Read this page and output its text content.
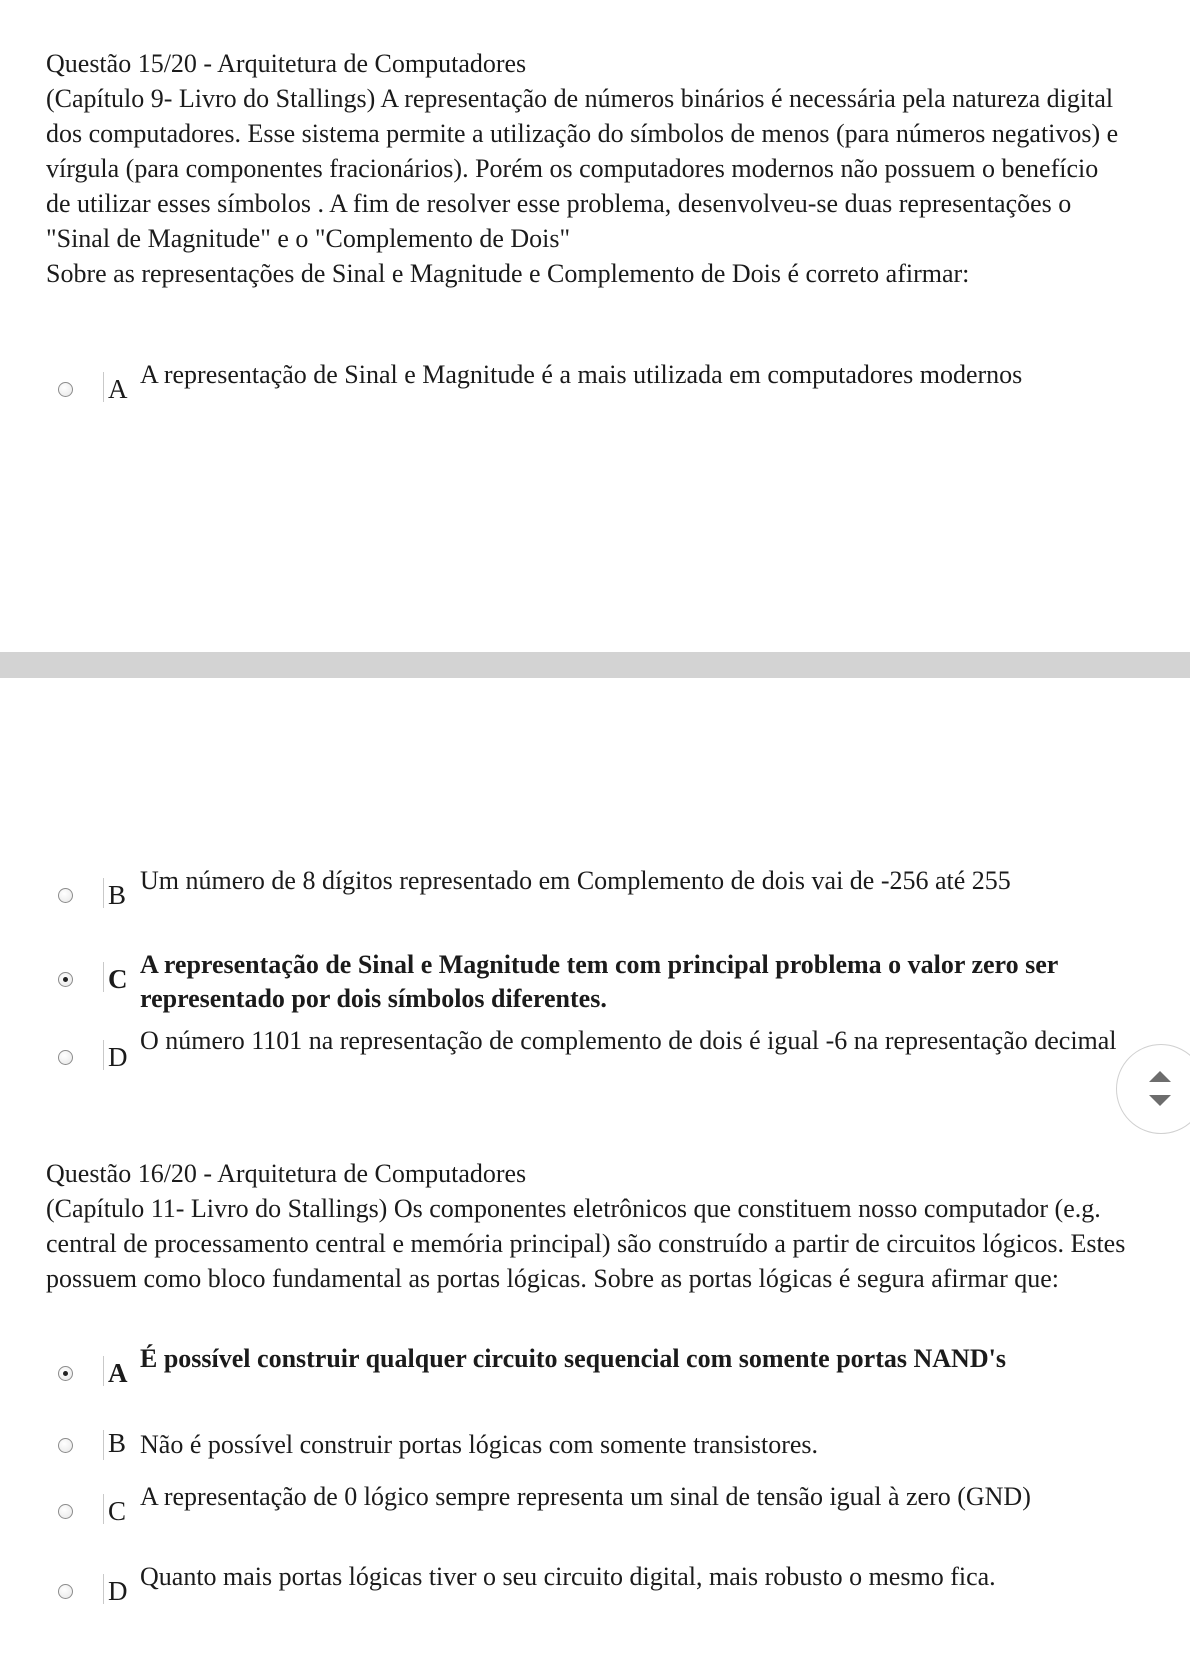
Questão 15/20 - Arquitetura de Computadores
(Capítulo 9- Livro do Stallings) A representação de números binários é necessária pela natureza digital dos computadores. Esse sistema permite a utilização do símbolos de menos (para números negativos) e vírgula (para componentes fracionários). Porém os computadores modernos não possuem o benefício de utilizar esses símbolos . A fim de resolver esse problema, desenvolveu-se duas representações o "Sinal de Magnitude" e o "Complemento de Dois"
Sobre as representações de Sinal e Magnitude e Complemento de Dois é correto afirmar:
A A representação de Sinal e Magnitude é a mais utilizada em computadores modernos
B Um número de 8 dígitos representado em Complemento de dois vai de -256 até 255
C A representação de Sinal e Magnitude tem com principal problema o valor zero ser representado por dois símbolos diferentes.
D
O número 1101 na representação de complemento de dois é igual -6 na representação decimal
Questão 16/20 - Arquitetura de Computadores
(Capítulo 11- Livro do Stallings) Os componentes eletrônicos que constituem nosso computador (e.g. central de processamento central e memória principal) são construído a partir de circuitos lógicos. Estes possuem como bloco fundamental as portas lógicas. Sobre as portas lógicas é segura afirmar que:
A É possível construir qualquer circuito sequencial com somente portas NAND's
B Não é possível construir portas lógicas com somente transistores.
C A representação de 0 lógico sempre representa um sinal de tensão igual à zero (GND)
D Quanto mais portas lógicas tiver o seu circuito digital, mais robusto o mesmo fica.
